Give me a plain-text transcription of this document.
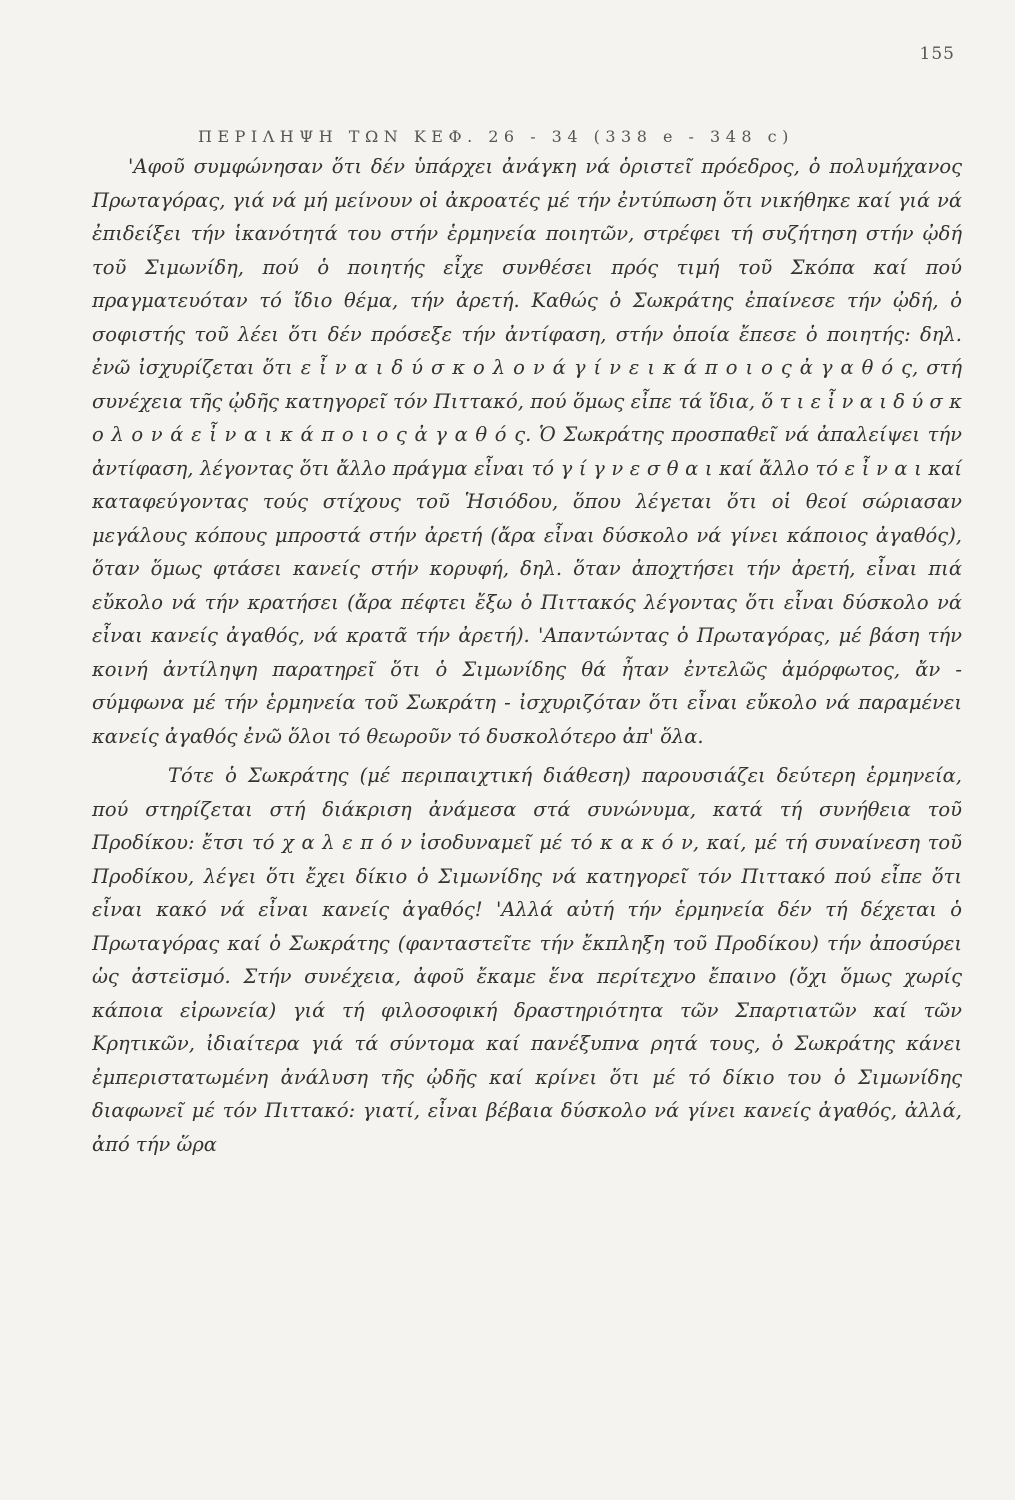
155
ΠΕΡΙΛΗΨΗ ΤΩΝ ΚΕΦ. 26 - 34 (338 e - 348 c)

'Αφοῦ συμφώνησαν ὅτι δέν ὑπάρχει ἀνάγκη νά ὁριστεῖ πρόεδρος, ὁ πολυμήχανος Πρωταγόρας, γιά νά μή μείνουν οἱ ἀκροατές μέ τήν ἐντύπωση ὅτι νικήθηκε καί γιά νά ἐπιδείξει τήν ἱκανότητά του στήν ἑρμηνεία ποιητῶν, στρέφει τή συζήτηση στήν ᾠδή τοῦ Σιμωνίδη, πού ὁ ποιητής εἶχε συνθέσει πρός τιμή τοῦ Σκόπα καί πού πραγματευόταν τό ἴδιο θέμα, τήν ἀρετή. Καθώς ὁ Σωκράτης ἐπαίνεσε τήν ᾠδή, ὁ σοφιστής τοῦ λέει ὅτι δέν πρόσεξε τήν ἀντίφαση, στήν ὁποία ἔπεσε ὁ ποιητής: δηλ. ἐνῶ ἰσχυρίζεται ὅτι ε ἶ ν α ι δ ύ σ κ ο λ ο ν ά γ ί ν ε ι κ ά π ο ι ο ς ἀ γ α θ ό ς, στή συνέχεια τῆς ᾠδῆς κατηγορεῖ τόν Πιττακό, πού ὅμως εἶπε τά ἴδια, ὅ τ ι ε ἶ ν α ι δ ύ σ κ ο λ ο ν ά ε ἶ ν α ι κ ά π ο ι ο ς ἀ γ α θ ό ς. Ὁ Σωκράτης προσπαθεῖ νά ἀπαλείψει τήν ἀντίφαση, λέγοντας ὅτι ἄλλο πράγμα εἶναι τό γ ί γ ν ε σ θ α ι καί ἄλλο τό ε ἶ ν α ι καί καταφεύγοντας τούς στίχους τοῦ Ἡσιόδου, ὅπου λέγεται ὅτι οἱ θεοί σώριασαν μεγάλους κόπους μπροστά στήν ἀρετή (ἄρα εἶναι δύσκολο νά γίνει κάποιος ἀγαθός), ὅταν ὅμως φτάσει κανείς στήν κορυφή, δηλ. ὅταν ἀποχτήσει τήν ἀρετή, εἶναι πιά εὔκολο νά τήν κρατήσει (ἄρα πέφτει ἔξω ὁ Πιττακός λέγοντας ὅτι εἶναι δύσκολο νά εἶναι κανείς ἀγαθός, νά κρατᾶ τήν ἀρετή). 'Απαντώντας ὁ Πρωταγόρας, μέ βάση τήν κοινή ἀντίληψη παρατηρεῖ ὅτι ὁ Σιμωνίδης θά ἦταν ἐντελῶς ἀμόρφωτος, ἄν - σύμφωνα μέ τήν ἑρμηνεία τοῦ Σωκράτη - ἰσχυριζόταν ὅτι εἶναι εὔκολο νά παραμένει κανείς ἀγαθός ἐνῶ ὅλοι τό θεωροῦν τό δυσκολότερο ἀπ' ὅλα.

Τότε ὁ Σωκράτης (μέ περιπαιχτική διάθεση) παρουσιάζει δεύτερη ἑρμηνεία, πού στηρίζεται στή διάκριση ἀνάμεσα στά συνώνυμα, κατά τή συνήθεια τοῦ Προδίκου: ἔτσι τό χ α λ ε π ό ν ἰσοδυναμεῖ μέ τό κ α κ ό ν, καί, μέ τή συναίνεση τοῦ Προδίκου, λέγει ὅτι ἔχει δίκιο ὁ Σιμωνίδης νά κατηγορεῖ τόν Πιττακό πού εἶπε ὅτι εἶναι κακό νά εἶναι κανείς ἀγαθός! 'Αλλά αὐτή τήν ἑρμηνεία δέν τή δέχεται ὁ Πρωταγόρας καί ὁ Σωκράτης (φανταστεῖτε τήν ἔκπληξη τοῦ Προδίκου) τήν ἀποσύρει ὡς ἀστεϊσμό. Στήν συνέχεια, ἀφοῦ ἔκαμε ἕνα περίτεχνο ἔπαινο (ὄχι ὅμως χωρίς κάποια εἰρωνεία) γιά τή φιλοσοφική δραστηριότητα τῶν Σπαρτιατῶν καί τῶν Κρητικῶν, ἰδιαίτερα γιά τά σύντομα καί πανέξυπνα ρητά τους, ὁ Σωκράτης κάνει ἐμπεριστατωμένη ἀνάλυση τῆς ᾠδῆς καί κρίνει ὅτι μέ τό δίκιο του ὁ Σιμωνίδης διαφωνεῖ μέ τόν Πιττακό: γιατί, εἶναι βέβαια δύσκολο νά γίνει κανείς ἀγαθός, ἀλλά, ἀπό τήν ὥρα
